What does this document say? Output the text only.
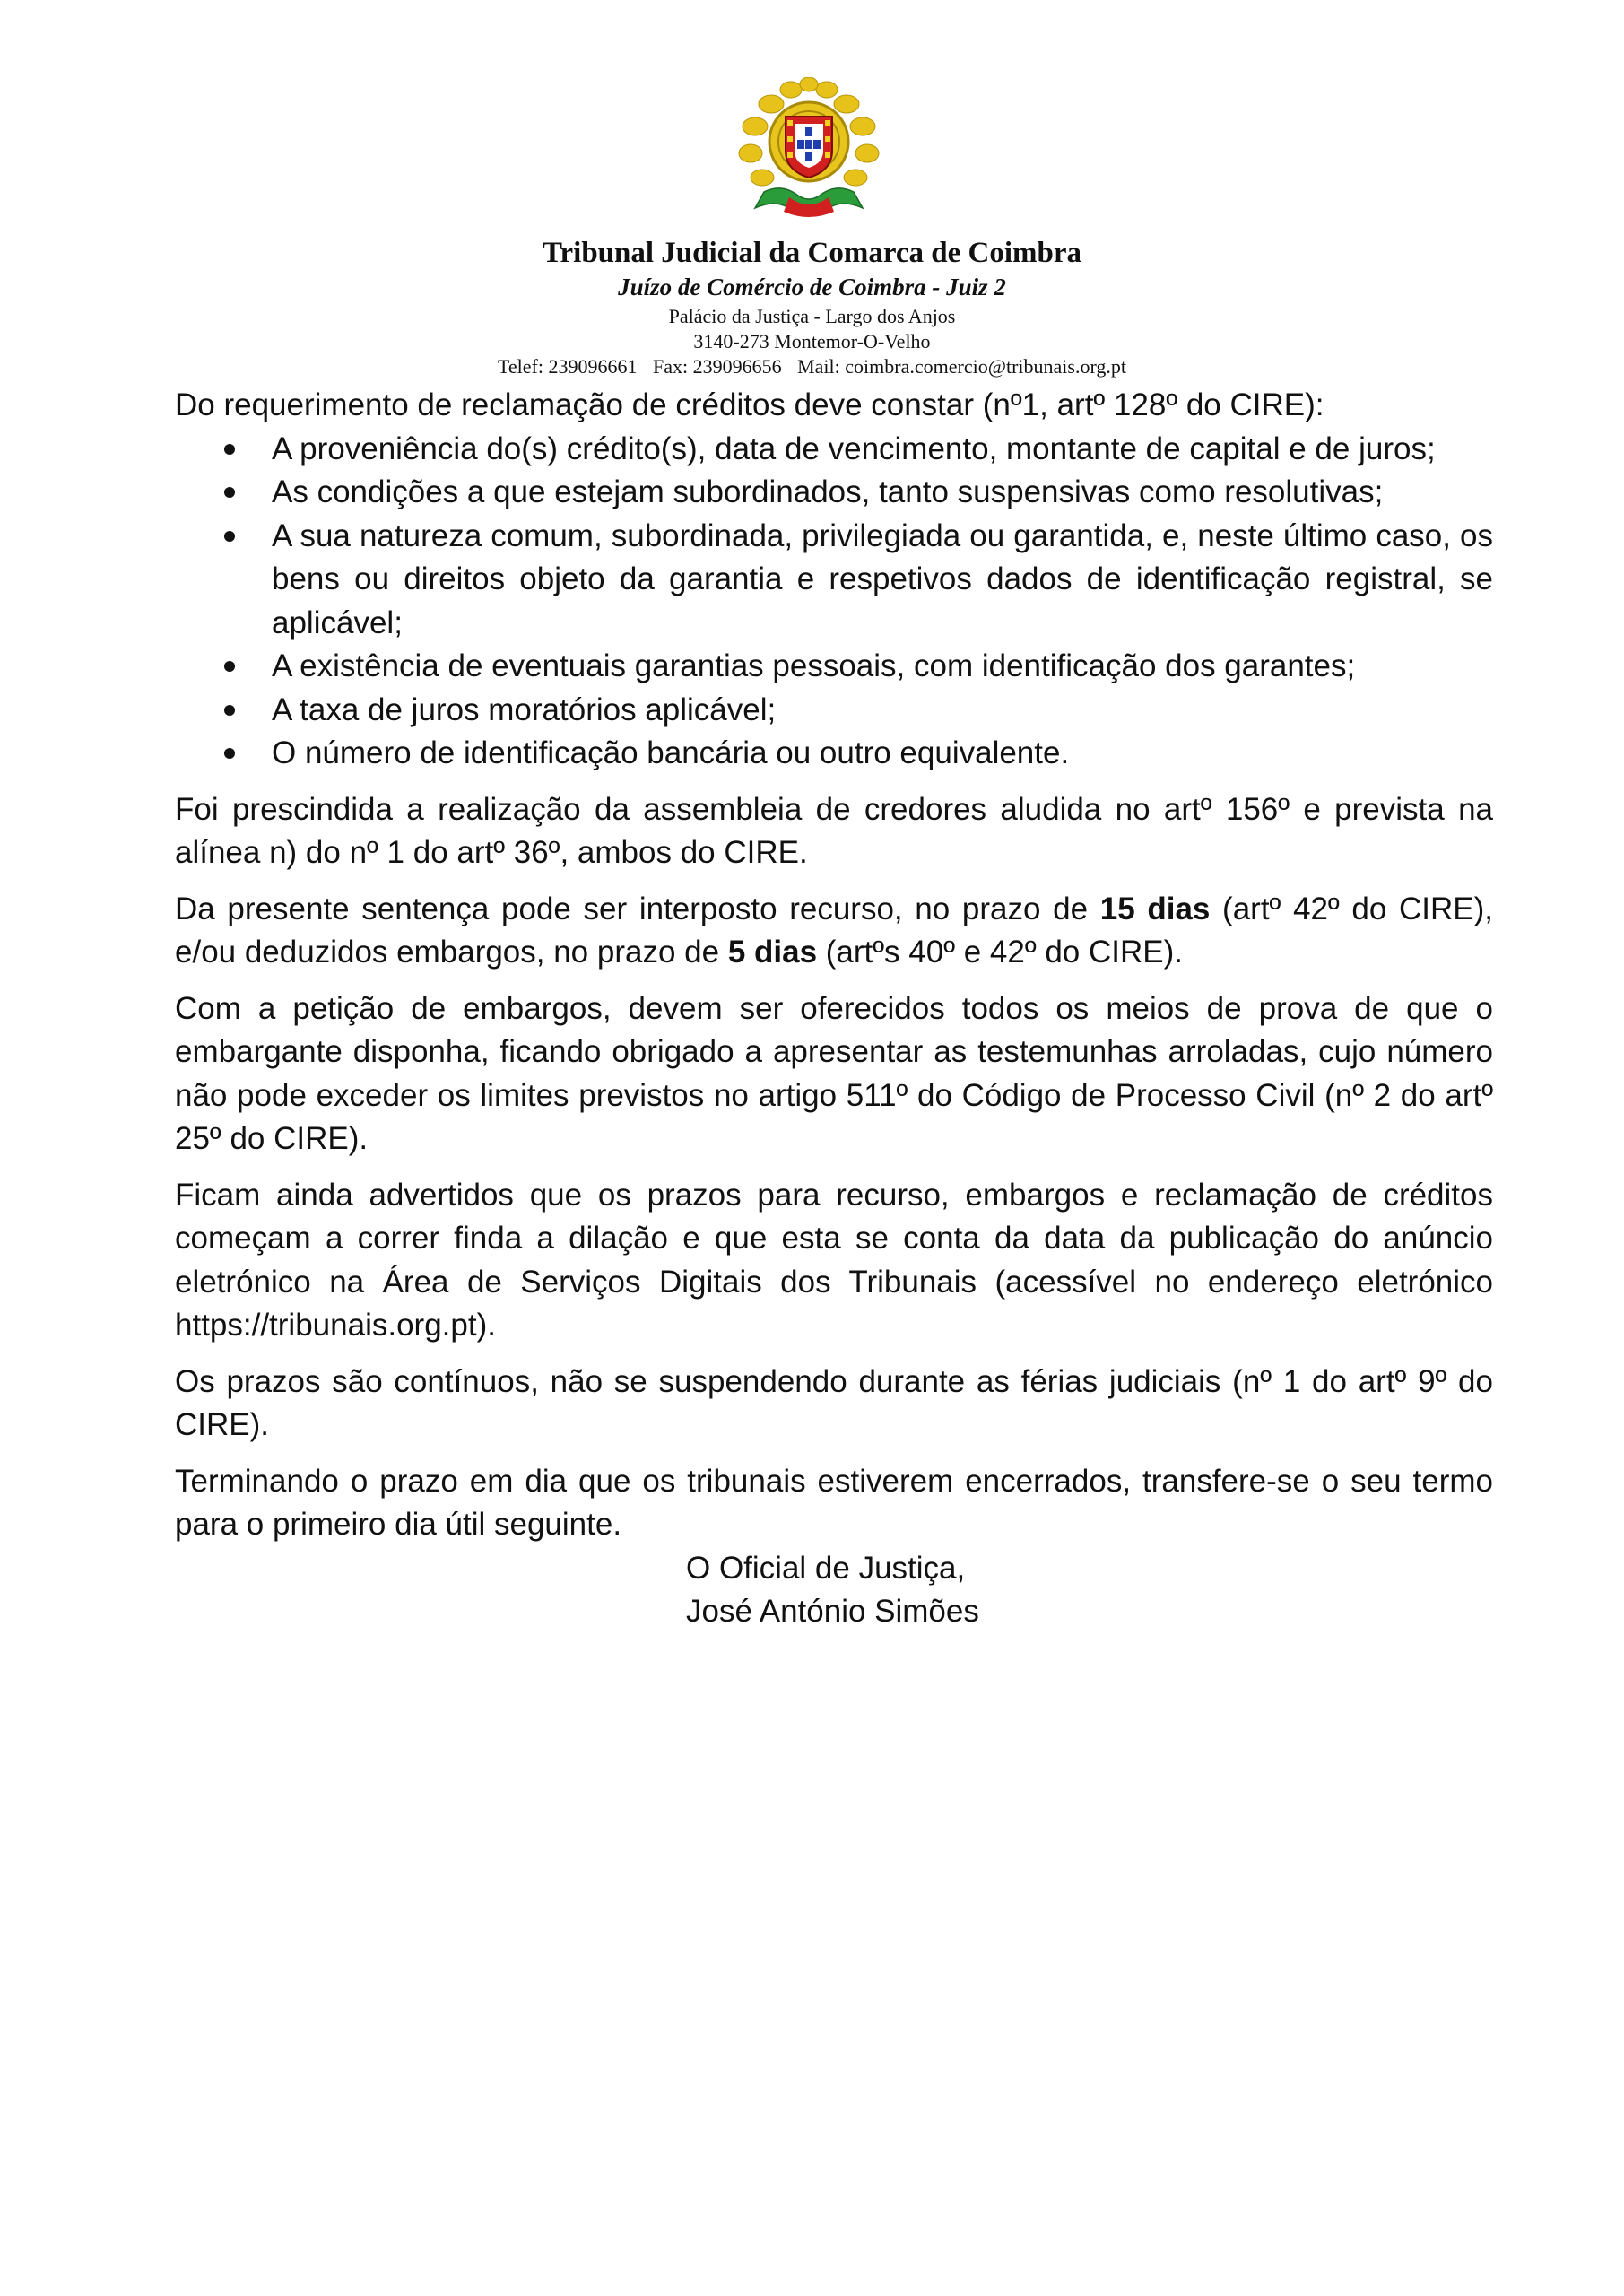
Tribunal Judicial da Comarca de Coimbra
Juízo de Comércio de Coimbra - Juiz 2
Palácio da Justiça - Largo dos Anjos
3140-273 Montemor-O-Velho
Telef: 239096661 Fax: 239096656 Mail: coimbra.comercio@tribunais.org.pt

Do requerimento de reclamação de créditos deve constar (nº1, artº 128º do CIRE):

A proveniência do(s) crédito(s), data de vencimento, montante de capital e de juros;
As condições a que estejam subordinados, tanto suspensivas como resolutivas;
A sua natureza comum, subordinada, privilegiada ou garantida, e, neste último caso, os bens ou direitos objeto da garantia e respetivos dados de identificação registral, se aplicável;
A existência de eventuais garantias pessoais, com identificação dos garantes;
A taxa de juros moratórios aplicável;
O número de identificação bancária ou outro equivalente.

Foi prescindida a realização da assembleia de credores aludida no artº 156º e prevista na alínea n) do nº 1 do artº 36º, ambos do CIRE.

Da presente sentença pode ser interposto recurso, no prazo de 15 dias (artº 42º do CIRE), e/ou deduzidos embargos, no prazo de 5 dias (artºs 40º e 42º do CIRE).

Com a petição de embargos, devem ser oferecidos todos os meios de prova de que o embargante disponha, ficando obrigado a apresentar as testemunhas arroladas, cujo número não pode exceder os limites previstos no artigo 511º do Código de Processo Civil (nº 2 do artº 25º do CIRE).

Ficam ainda advertidos que os prazos para recurso, embargos e reclamação de créditos começam a correr finda a dilação e que esta se conta da data da publicação do anúncio eletrónico na Área de Serviços Digitais dos Tribunais (acessível no endereço eletrónico https://tribunais.org.pt).

Os prazos são contínuos, não se suspendendo durante as férias judiciais (nº 1 do artº 9º do CIRE).

Terminando o prazo em dia que os tribunais estiverem encerrados, transfere-se o seu termo para o primeiro dia útil seguinte.

O Oficial de Justiça,
José António Simões
